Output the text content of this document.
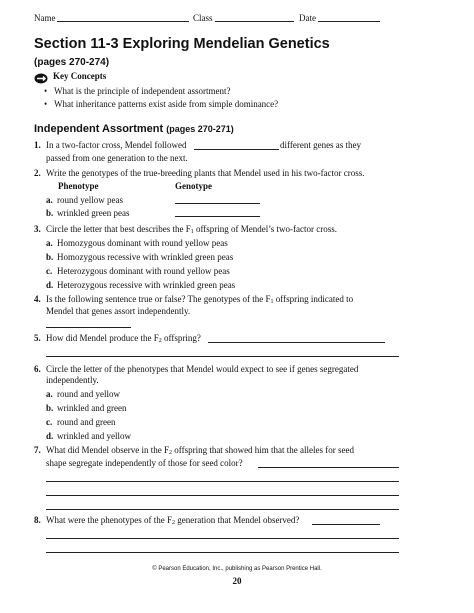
Name	Class	Date
Section 11-3 Exploring Mendelian Genetics
(pages 270-274)
Key Concepts
• What is the principle of independent assortment?
• What inheritance patterns exist aside from simple dominance?
Independent Assortment (pages 270-271)
1. In a two-factor cross, Mendel followed	different genes as they
passed from one generation to the next.
2. Write the genotypes of the true-breeding plants that Mendel used in his two-factor cross.
Phenotype	Genotype
a. round yellow peas
b. wrinkled green peas
3. Circle the letter that best describes the $F_1$ offspring of Mendel’s two-factor cross.
a. Homozygous dominant with round yellow peas
b. Homozygous recessive with wrinkled green peas
c. Heterozygous dominant with round yellow peas
d. Heterozygous recessive with wrinkled green peas
4. Is the following sentence true or false? The genotypes of the $F_1$ offspring indicated to
Mendel that genes assort independently.
5. How did Mendel produce the $F_2$ offspring?
6. Circle the letter of the phenotypes that Mendel would expect to see if genes segregated
independently.
a. round and yellow
b. wrinkled and green
c. round and green
d. wrinkled and yellow
7. What did Mendel observe in the $F_2$ offspring that showed him that the alleles for seed
shape segregate independently of those for seed color?
8. What were the phenotypes of the $F_2$ generation that Mendel observed?
© Pearson Education, Inc., publishing as Pearson Prentice Hall.
20
